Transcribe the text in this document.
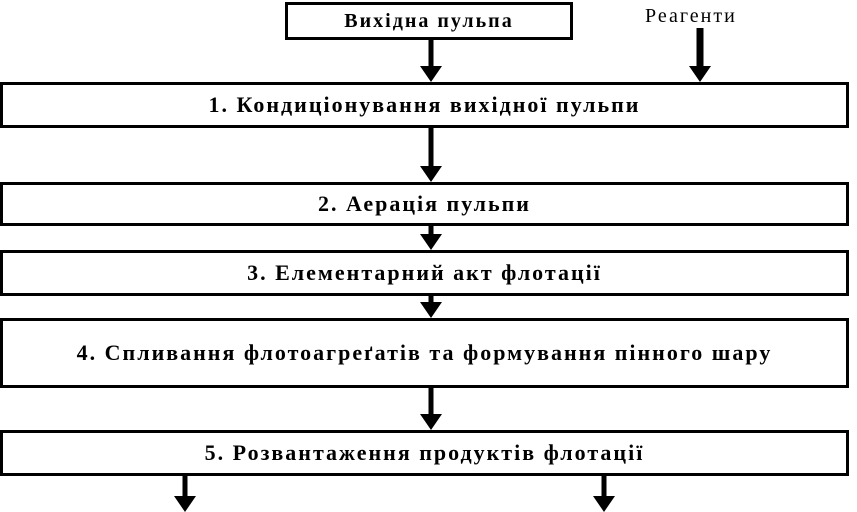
Вихідна пульпа	Реагенти
1. Кондиціонування вихідної пульпи
2. Аерація пульпи
3. Елементарний акт флотації
4. Спливання флотоагреґатів та формування пінного шару
5. Розвантаження продуктів флотації
